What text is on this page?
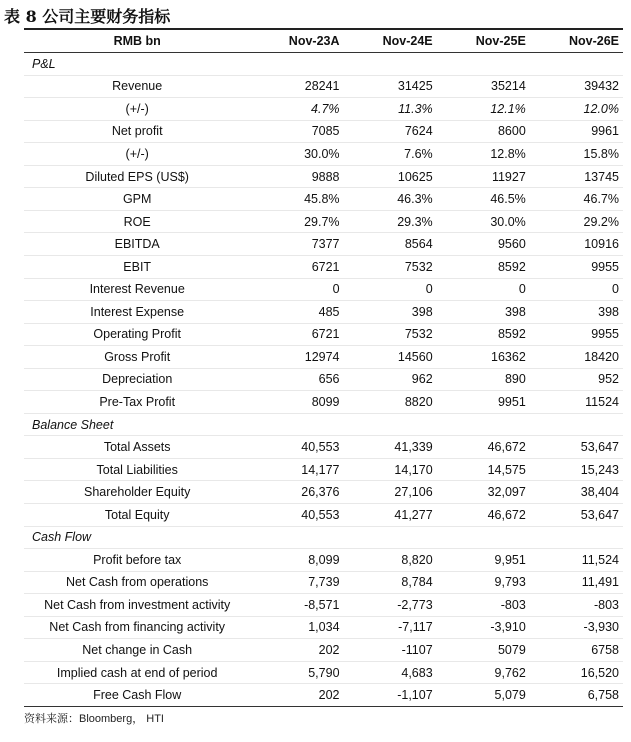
表 8 公司主要财务指标
RMB bn	Nov-23A	Nov-24E	Nov-25E	Nov-26E
P&L				
Revenue	28241	31425	35214	39432
(+/-)	4.7%	11.3%	12.1%	12.0%
Net profit	7085	7624	8600	9961
(+/-)	30.0%	7.6%	12.8%	15.8%
Diluted EPS (US$)	9888	10625	11927	13745
GPM	45.8%	46.3%	46.5%	46.7%
ROE	29.7%	29.3%	30.0%	29.2%
EBITDA	7377	8564	9560	10916
EBIT	6721	7532	8592	9955
Interest Revenue	0	0	0	0
Interest Expense	485	398	398	398
Operating Profit	6721	7532	8592	9955
Gross Profit	12974	14560	16362	18420
Depreciation	656	962	890	952
Pre-Tax Profit	8099	8820	9951	11524
Balance Sheet				
Total Assets	40,553	41,339	46,672	53,647
Total Liabilities	14,177	14,170	14,575	15,243
Shareholder Equity	26,376	27,106	32,097	38,404
Total Equity	40,553	41,277	46,672	53,647
Cash Flow				
Profit before tax	8,099	8,820	9,951	11,524
Net Cash from operations	7,739	8,784	9,793	11,491
Net Cash from investment activity	-8,571	-2,773	-803	-803
Net Cash from financing activity	1,034	-7,117	-3,910	-3,930
Net change in Cash	202	-1107	5079	6758
Implied cash at end of period	5,790	4,683	9,762	16,520
Free Cash Flow	202	-1,107	5,079	6,758
资料来源：Bloomberg， HTI
